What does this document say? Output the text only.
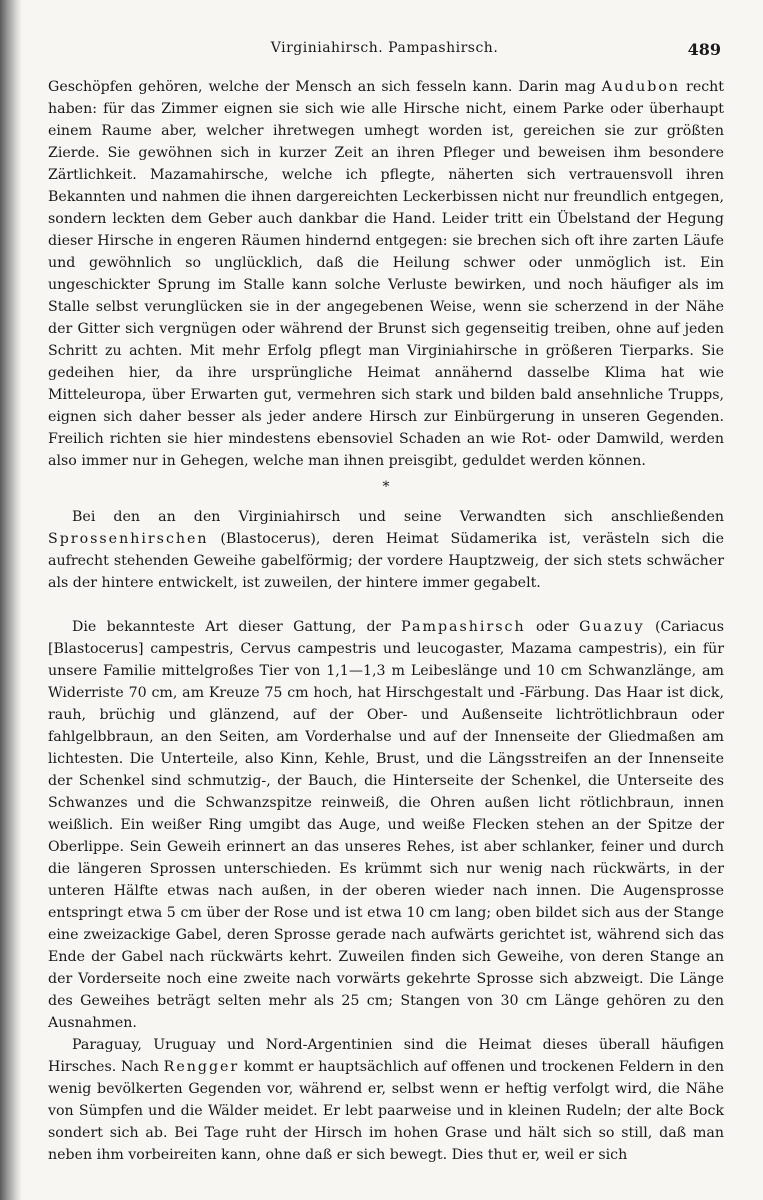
Virginiahirsch. Pampashirsch.	489

Geschöpfen gehören, welche der Mensch an sich fesseln kann. Darin mag Audubon recht haben: für das Zimmer eignen sie sich wie alle Hirsche nicht, einem Parke oder überhaupt einem Raume aber, welcher ihretwegen umhegt worden ist, gereichen sie zur größten Zierde. Sie gewöhnen sich in kurzer Zeit an ihren Pfleger und beweisen ihm besondere Zärtlichkeit. Mazamahirsche, welche ich pflegte, näherten sich vertrauensvoll ihren Bekannten und nahmen die ihnen dargereichten Leckerbissen nicht nur freundlich entgegen, sondern leckten dem Geber auch dankbar die Hand. Leider tritt ein Übelstand der Hegung dieser Hirsche in engeren Räumen hindernd entgegen: sie brechen sich oft ihre zarten Läufe und gewöhnlich so unglücklich, daß die Heilung schwer oder unmöglich ist. Ein ungeschickter Sprung im Stalle kann solche Verluste bewirken, und noch häufiger als im Stalle selbst verunglücken sie in der angegebenen Weise, wenn sie scherzend in der Nähe der Gitter sich vergnügen oder während der Brunst sich gegenseitig treiben, ohne auf jeden Schritt zu achten. Mit mehr Erfolg pflegt man Virginiahirsche in größeren Tierparks. Sie gedeihen hier, da ihre ursprüngliche Heimat annähernd dasselbe Klima hat wie Mitteleuropa, über Erwarten gut, vermehren sich stark und bilden bald ansehnliche Trupps, eignen sich daher besser als jeder andere Hirsch zur Einbürgerung in unseren Gegenden. Freilich richten sie hier mindestens ebensoviel Schaden an wie Rot- oder Damwild, werden also immer nur in Gehegen, welche man ihnen preisgibt, geduldet werden können.

*

Bei den an den Virginiahirsch und seine Verwandten sich anschließenden Sprossenhirschen (Blastocerus), deren Heimat Südamerika ist, verästeln sich die aufrecht stehenden Geweihe gabelförmig; der vordere Hauptzweig, der sich stets schwächer als der hintere entwickelt, ist zuweilen, der hintere immer gegabelt.

Die bekannteste Art dieser Gattung, der Pampashirsch oder Guazuy (Cariacus [Blastocerus] campestris, Cervus campestris und leucogaster, Mazama campestris), ein für unsere Familie mittelgroßes Tier von 1,1—1,3 m Leibeslänge und 10 cm Schwanzlänge, am Widerriste 70 cm, am Kreuze 75 cm hoch, hat Hirschgestalt und -Färbung. Das Haar ist dick, rauh, brüchig und glänzend, auf der Ober- und Außenseite lichtrötlichbraun oder fahlgelbbraun, an den Seiten, am Vorderhalse und auf der Innenseite der Gliedmaßen am lichtesten. Die Unterteile, also Kinn, Kehle, Brust, und die Längsstreifen an der Innenseite der Schenkel sind schmutzig-, der Bauch, die Hinterseite der Schenkel, die Unterseite des Schwanzes und die Schwanzspitze reinweiß, die Ohren außen licht rötlichbraun, innen weißlich. Ein weißer Ring umgibt das Auge, und weiße Flecken stehen an der Spitze der Oberlippe. Sein Geweih erinnert an das unseres Rehes, ist aber schlanker, feiner und durch die längeren Sprossen unterschieden. Es krümmt sich nur wenig nach rückwärts, in der unteren Hälfte etwas nach außen, in der oberen wieder nach innen. Die Augensprosse entspringt etwa 5 cm über der Rose und ist etwa 10 cm lang; oben bildet sich aus der Stange eine zweizackige Gabel, deren Sprosse gerade nach aufwärts gerichtet ist, während sich das Ende der Gabel nach rückwärts kehrt. Zuweilen finden sich Geweihe, von deren Stange an der Vorderseite noch eine zweite nach vorwärts gekehrte Sprosse sich abzweigt. Die Länge des Geweihes beträgt selten mehr als 25 cm; Stangen von 30 cm Länge gehören zu den Ausnahmen.

Paraguay, Uruguay und Nord-Argentinien sind die Heimat dieses überall häufigen Hirsches. Nach Rengger kommt er hauptsächlich auf offenen und trockenen Feldern in den wenig bevölkerten Gegenden vor, während er, selbst wenn er heftig verfolgt wird, die Nähe von Sümpfen und die Wälder meidet. Er lebt paarweise und in kleinen Rudeln; der alte Bock sondert sich ab. Bei Tage ruht der Hirsch im hohen Grase und hält sich so still, daß man neben ihm vorbeireiten kann, ohne daß er sich bewegt. Dies thut er, weil er sich
